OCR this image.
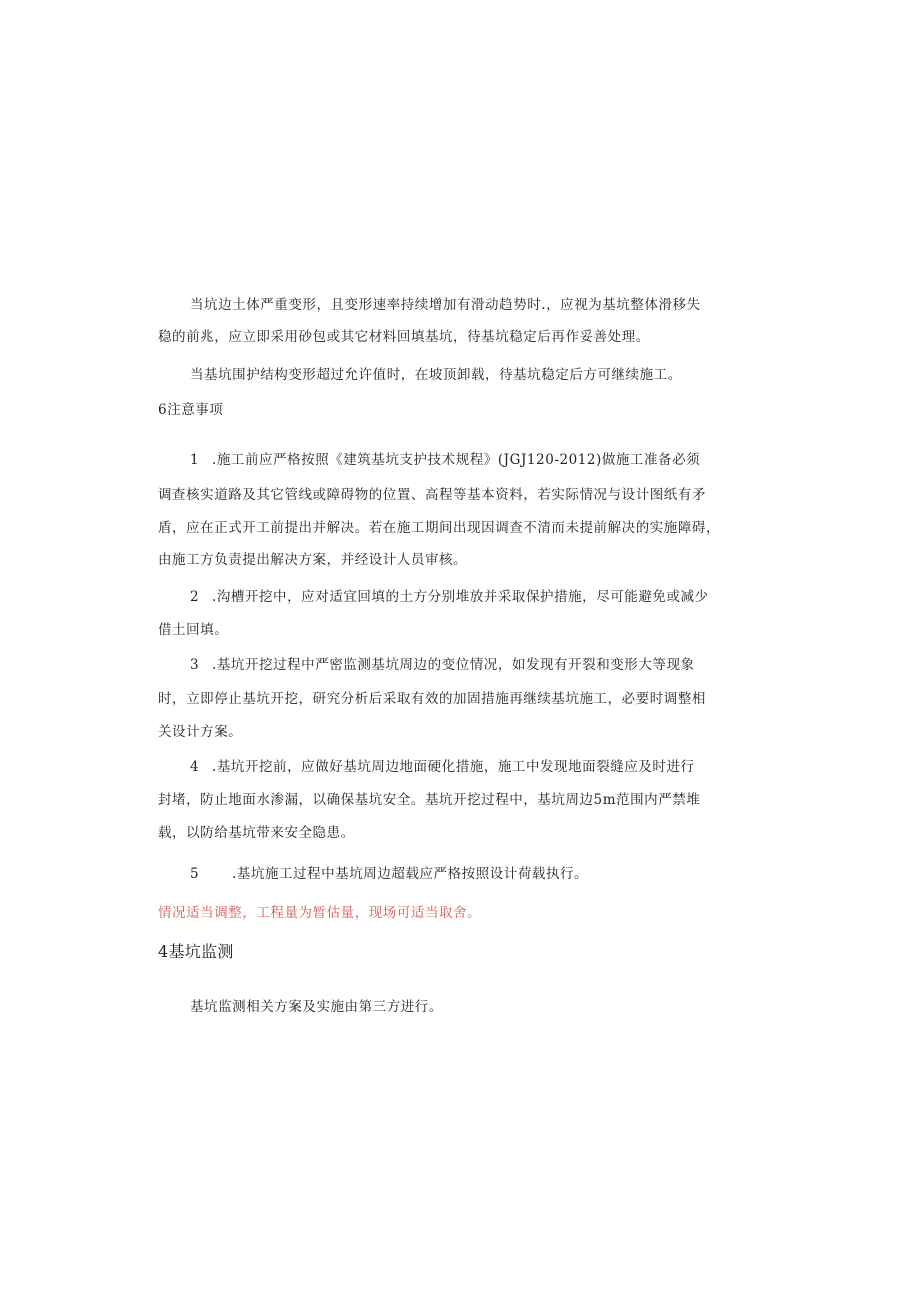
当坑边土体严重变形，且变形速率持续增加有滑动趋势时.，应视为基坑整体滑移失
稳的前兆，应立即采用砂包或其它材料回填基坑，待基坑稳定后再作妥善处理。
当基坑围护结构变形超过允许值时，在坡顶卸载，待基坑稳定后方可继续施工。
6注意事项
1 .施工前应严格按照《建筑基坑支护技术规程》(JGJ120-2012)做施工准备必须
调查核实道路及其它管线或障碍物的位置、高程等基本资料，若实际情况与设计图纸有矛
盾，应在正式开工前提出并解决。若在施工期间出现因调查不清而未提前解决的实施障碍，
由施工方负责提出解决方案，并经设计人员审核。
2 .沟槽开挖中，应对适宜回填的土方分别堆放并采取保护措施，尽可能避免或减少
借土回填。
3 .基坑开挖过程中严密监测基坑周边的变位情况，如发现有开裂和变形大等现象
时，立即停止基坑开挖，研究分析后采取有效的加固措施再继续基坑施工，必要时调整相
关设计方案。
4 .基坑开挖前，应做好基坑周边地面硬化措施，施工中发现地面裂缝应及时进行
封堵，防止地面水渗漏，以确保基坑安全。基坑开挖过程中，基坑周边5m范围内严禁堆
载，以防给基坑带来安全隐患。
5 .基坑施工过程中基坑周边超载应严格按照设计荷载执行。
情况适当调整，工程量为暂估量，现场可适当取舍。
4基坑监测
基坑监测相关方案及实施由第三方进行。
